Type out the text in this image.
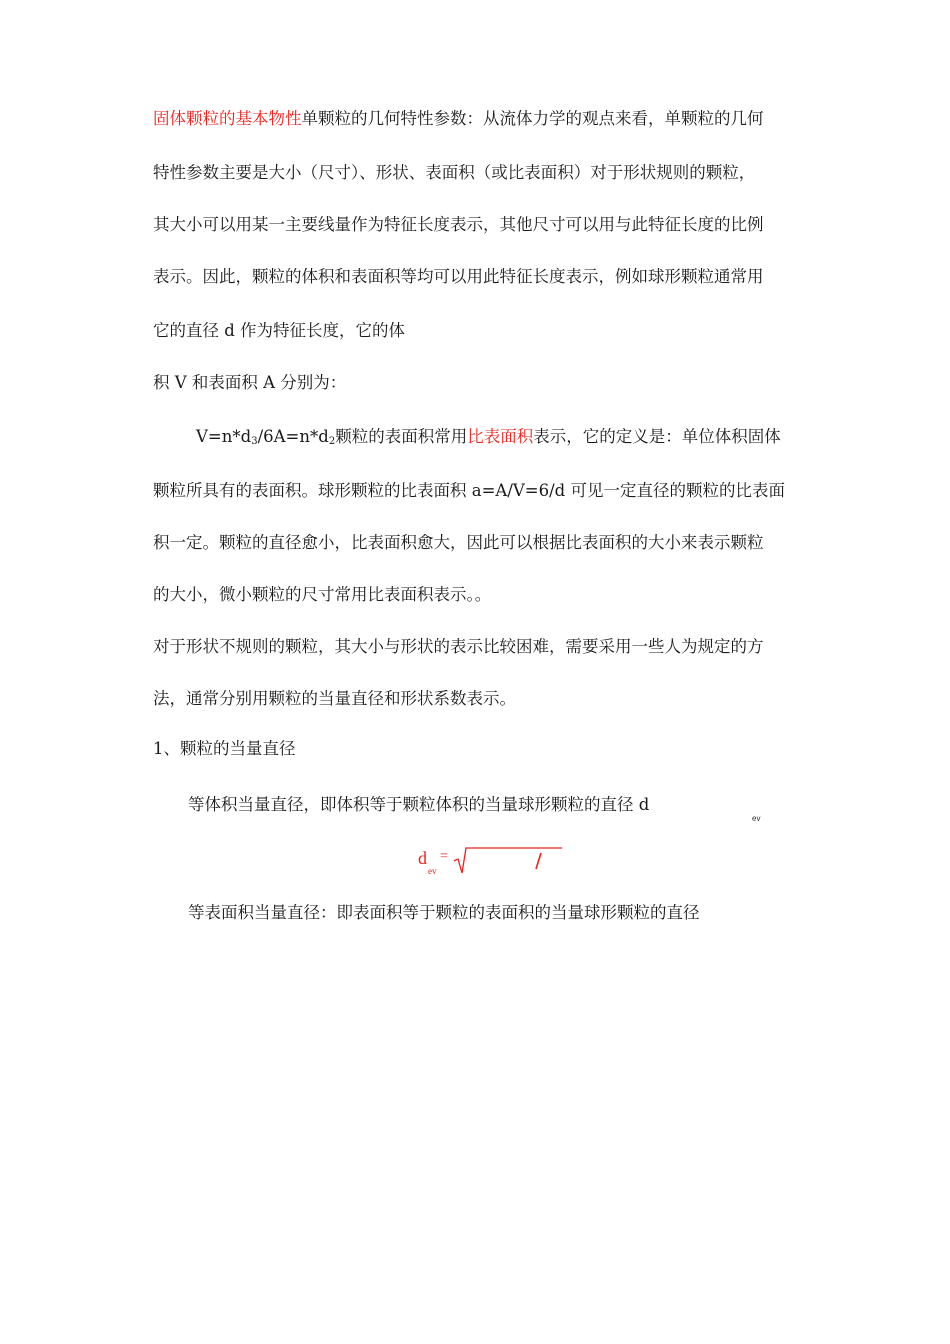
固体颗粒的基本物性单颗粒的几何特性参数：从流体力学的观点来看，单颗粒的几何
特性参数主要是大小（尺寸）、形状、表面积（或比表面积）对于形状规则的颗粒，
其大小可以用某一主要线量作为特征长度表示，其他尺寸可以用与此特征长度的比例
表示。因此，颗粒的体积和表面积等均可以用此特征长度表示，例如球形颗粒通常用
它的直径 d 作为特征长度，它的体
积 V 和表面积 A 分别为：
$V=n*d_3/6A=n*d_2$颗粒的表面积常用比表面积表示，它的定义是：单位体积固体
颗粒所具有的表面积。球形颗粒的比表面积 a=A/V=6/d 可见一定直径的颗粒的比表面
积一定。颗粒的直径愈小，比表面积愈大，因此可以根据比表面积的大小来表示颗粒
的大小，微小颗粒的尺寸常用比表面积表示。。
对于形状不规则的颗粒，其大小与形状的表示比较困难，需要采用一些人为规定的方
法，通常分别用颗粒的当量直径和形状系数表示。
1、颗粒的当量直径
等体积当量直径，即体积等于颗粒体积的当量球形颗粒的直径 d
ev
d
ev
=
等表面积当量直径：即表面积等于颗粒的表面积的当量球形颗粒的直径
